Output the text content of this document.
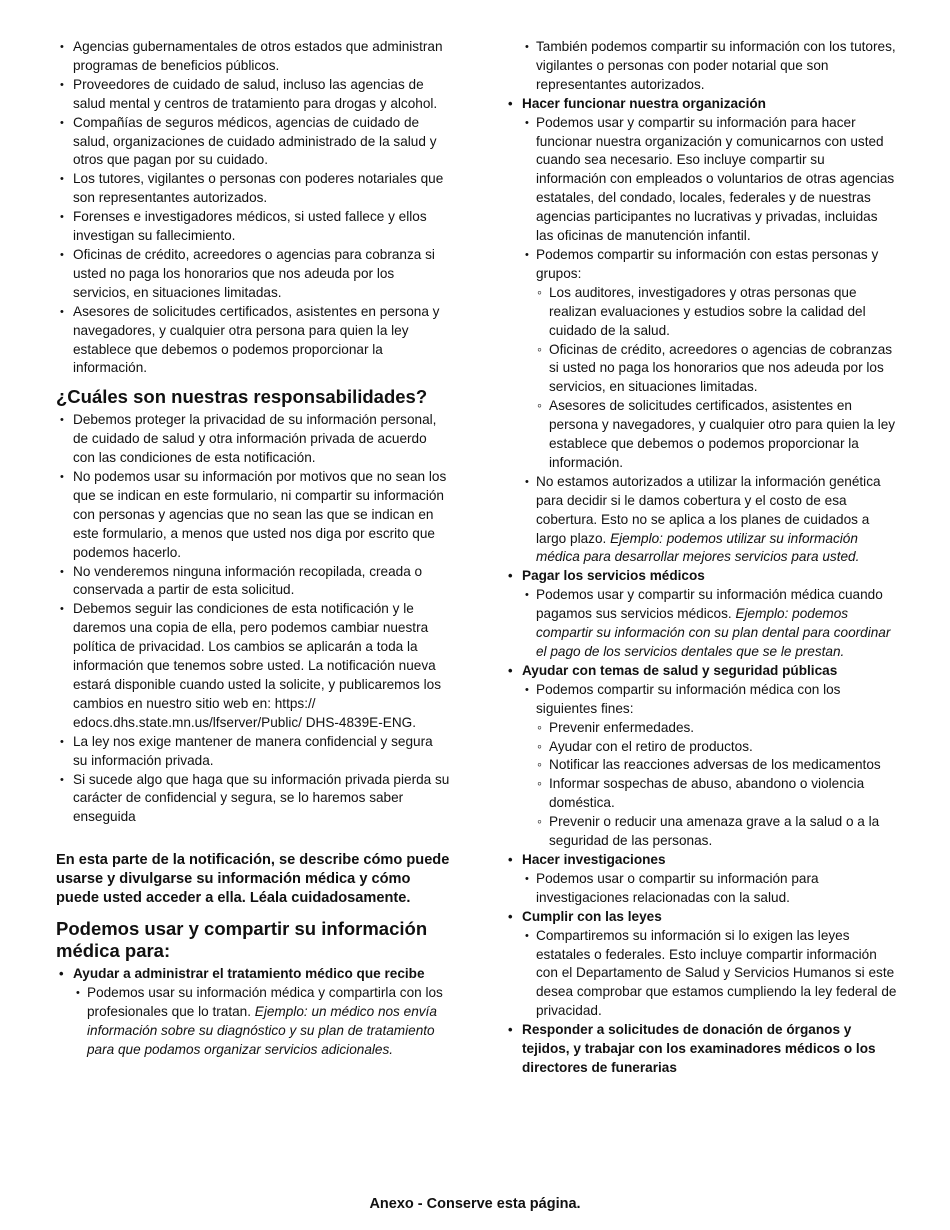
• Agencias gubernamentales de otros estados que administran programas de beneficios públicos.
• Proveedores de cuidado de salud, incluso las agencias de salud mental y centros de tratamiento para drogas y alcohol.
• Compañías de seguros médicos, agencias de cuidado de salud, organizaciones de cuidado administrado de la salud y otros que pagan por su cuidado.
• Los tutores, vigilantes o personas con poderes notariales que son representantes autorizados.
• Forenses e investigadores médicos, si usted fallece y ellos investigan su fallecimiento.
• Oficinas de crédito, acreedores o agencias para cobranza si usted no paga los honorarios que nos adeuda por los servicios, en situaciones limitadas.
• Asesores de solicitudes certificados, asistentes en persona y navegadores, y cualquier otra persona para quien la ley establece que debemos o podemos proporcionar la información.
¿Cuáles son nuestras responsabilidades?
• Debemos proteger la privacidad de su información personal, de cuidado de salud y otra información privada de acuerdo con las condiciones de esta notificación.
• No podemos usar su información por motivos que no sean los que se indican en este formulario, ni compartir su información con personas y agencias que no sean las que se indican en este formulario, a menos que usted nos diga por escrito que podemos hacerlo.
• No venderemos ninguna información recopilada, creada o conservada a partir de esta solicitud.
• Debemos seguir las condiciones de esta notificación y le daremos una copia de ella, pero podemos cambiar nuestra política de privacidad. Los cambios se aplicarán a toda la información que tenemos sobre usted. La notificación nueva estará disponible cuando usted la solicite, y publicaremos los cambios en nuestro sitio web en: https:// edocs.dhs.state.mn.us/lfserver/Public/ DHS-4839E-ENG.
• La ley nos exige mantener de manera confidencial y segura su información privada.
• Si sucede algo que haga que su información privada pierda su carácter de confidencial y segura, se lo haremos saber enseguida

En esta parte de la notificación, se describe cómo puede usarse y divulgarse su información médica y cómo puede usted acceder a ella. Léala cuidadosamente.

Podemos usar y compartir su información médica para:
• Ayudar a administrar el tratamiento médico que recibe
• Podemos usar su información médica y compartirla con los profesionales que lo tratan. Ejemplo: un médico nos envía información sobre su diagnóstico y su plan de tratamiento para que podamos organizar servicios adicionales.
• También podemos compartir su información con los tutores, vigilantes o personas con poder notarial que son representantes autorizados.
• Hacer funcionar nuestra organización
• Podemos usar y compartir su información para hacer funcionar nuestra organización y comunicarnos con usted cuando sea necesario. Eso incluye compartir su información con empleados o voluntarios de otras agencias estatales, del condado, locales, federales y de nuestras agencias participantes no lucrativas y privadas, incluidas las oficinas de manutención infantil.
• Podemos compartir su información con estas personas y grupos:
◦ Los auditores, investigadores y otras personas que realizan evaluaciones y estudios sobre la calidad del cuidado de la salud.
◦ Oficinas de crédito, acreedores o agencias de cobranzas si usted no paga los honorarios que nos adeuda por los servicios, en situaciones limitadas.
◦ Asesores de solicitudes certificados, asistentes en persona y navegadores, y cualquier otro para quien la ley establece que debemos o podemos proporcionar la información.
• No estamos autorizados a utilizar la información genética para decidir si le damos cobertura y el costo de esa cobertura. Esto no se aplica a los planes de cuidados a largo plazo. Ejemplo: podemos utilizar su información médica para desarrollar mejores servicios para usted.
• Pagar los servicios médicos
• Podemos usar y compartir su información médica cuando pagamos sus servicios médicos. Ejemplo: podemos compartir su información con su plan dental para coordinar el pago de los servicios dentales que se le prestan.
• Ayudar con temas de salud y seguridad públicas
• Podemos compartir su información médica con los siguientes fines:
◦ Prevenir enfermedades.
◦ Ayudar con el retiro de productos.
◦ Notificar las reacciones adversas de los medicamentos
◦ Informar sospechas de abuso, abandono o violencia doméstica.
◦ Prevenir o reducir una amenaza grave a la salud o a la seguridad de las personas.
• Hacer investigaciones
• Podemos usar o compartir su información para investigaciones relacionadas con la salud.
• Cumplir con las leyes
• Compartiremos su información si lo exigen las leyes estatales o federales. Esto incluye compartir información con el Departamento de Salud y Servicios Humanos si este desea comprobar que estamos cumpliendo la ley federal de privacidad.
• Responder a solicitudes de donación de órganos y tejidos, y trabajar con los examinadores médicos o los directores de funerarias
Anexo - Conserve esta página.
